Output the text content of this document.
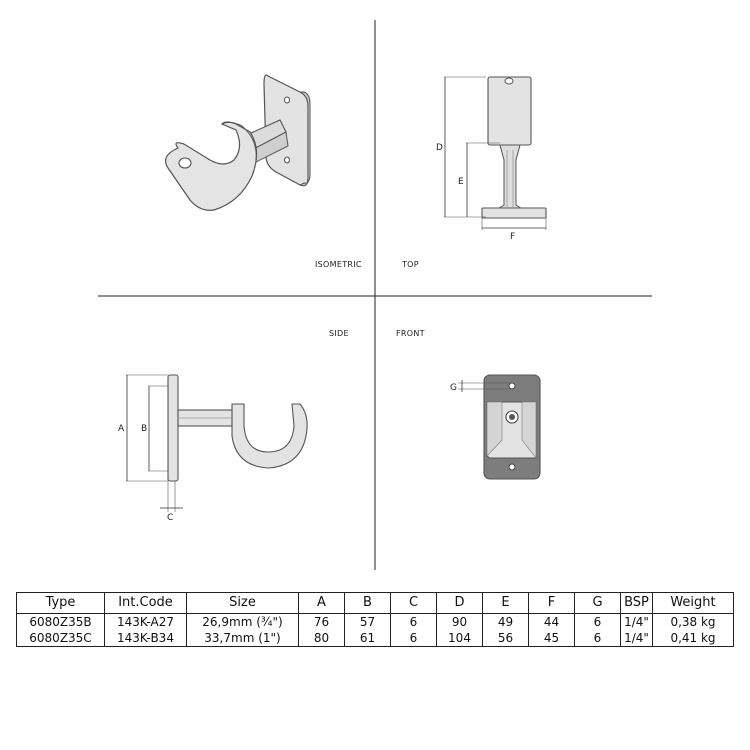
ISOMETRIC
D
E
F
TOP
A B
C
SIDE
G
FRONT
Type	Int.Code	Size	A	B	C	D	E	F	G	BSP	Weight
6080Z35B	143K-A27	26,9mm (¾")	76	57	6	90	49	44	6	1/4"	0,38 kg
6080Z35C	143K-B34	33,7mm (1")	80	61	6	104	56	45	6	1/4"	0,41 kg
